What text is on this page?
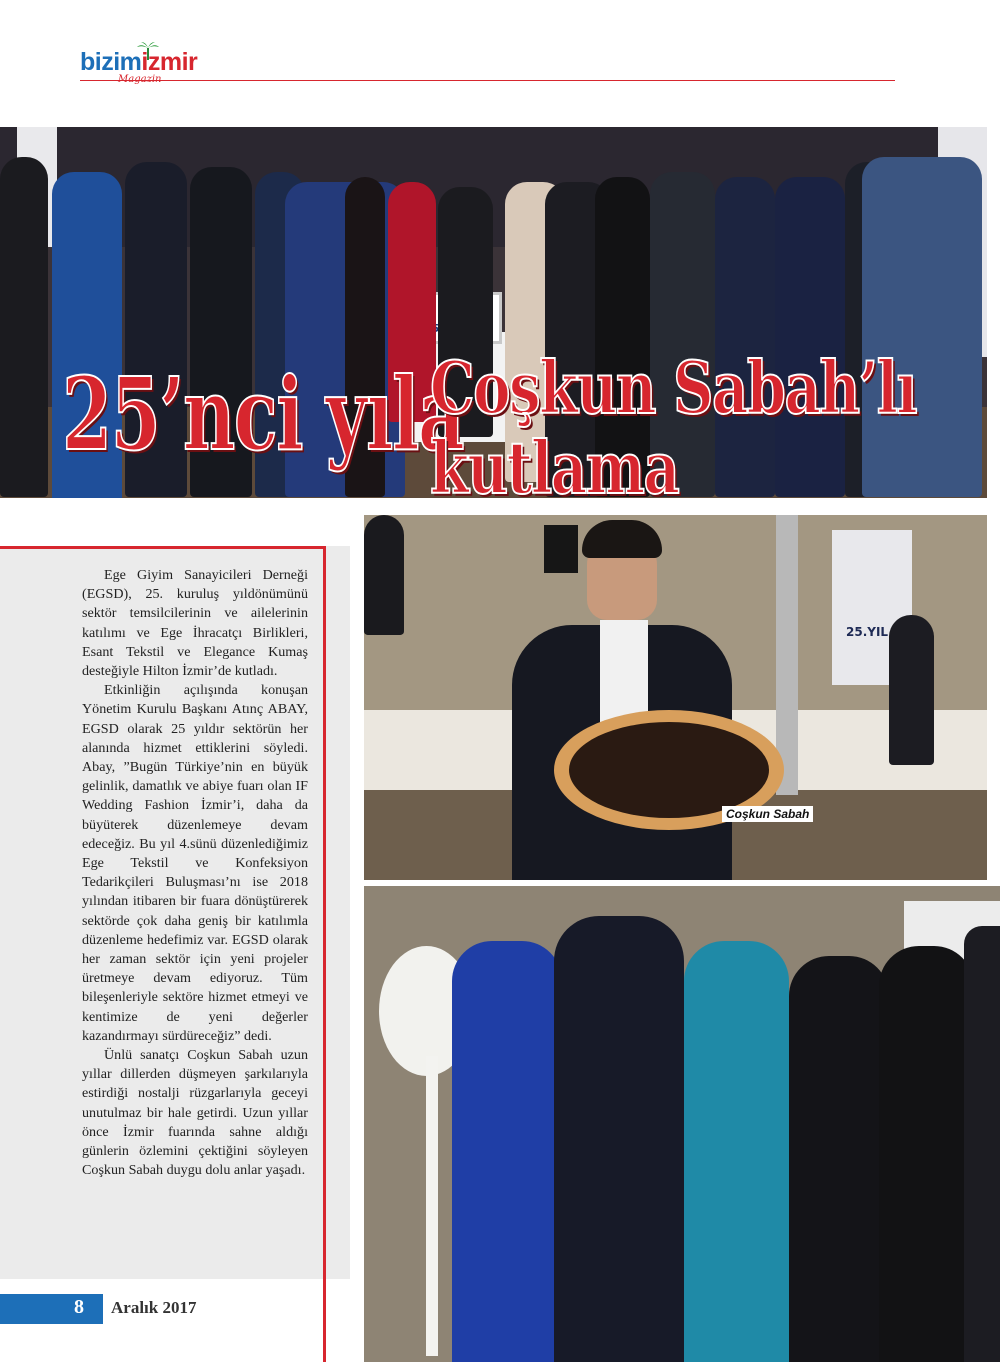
bizimizmir
25’nci yıla
Coşkun Sabah’lı
kutlama
25.YIL
Coşkun Sabah

Ege Giyim Sanayicileri Derneği (EGSD), 25. kuruluş yıldönümünü sektör temsilcilerinin ve ailelerinin katılımı ve Ege İhracatçı Birlikleri, Esant Tekstil ve Elegance Kumaş desteğiyle Hilton İzmir’de kutladı.

Etkinliğin açılışında konuşan Yönetim Kurulu Başkanı Atınç ABAY, EGSD olarak 25 yıldır sektörün her alanında hizmet ettiklerini söyledi. Abay, ”Bugün Türkiye’nin en büyük gelinlik, damatlık ve abiye fuarı olan IF Wedding Fashion İzmir’i, daha da büyüterek düzenlemeye devam edeceğiz. Bu yıl 4.sünü düzenlediğimiz Ege Tekstil ve Konfeksiyon Tedarikçileri Buluşması’nı ise 2018 yılından itibaren bir fuara dönüştürerek sektörde çok daha geniş bir katılımla düzenleme hedefimiz var. EGSD olarak her zaman sektör için yeni projeler üretmeye devam ediyoruz. Tüm bileşenleriyle sektöre hizmet etmeyi ve kentimize de yeni değerler kazandırmayı sürdüreceğiz” dedi.

Ünlü sanatçı Coşkun Sabah uzun yıllar dillerden düşmeyen şarkılarıyla estirdiği nostalji rüzgarlarıyla geceyi unutulmaz bir hale getirdi. Uzun yıllar önce İzmir fuarında sahne aldığı günlerin özlemini çektiğini söyleyen Coşkun Sabah duygu dolu anlar yaşadı.

8 Aralık 2017
